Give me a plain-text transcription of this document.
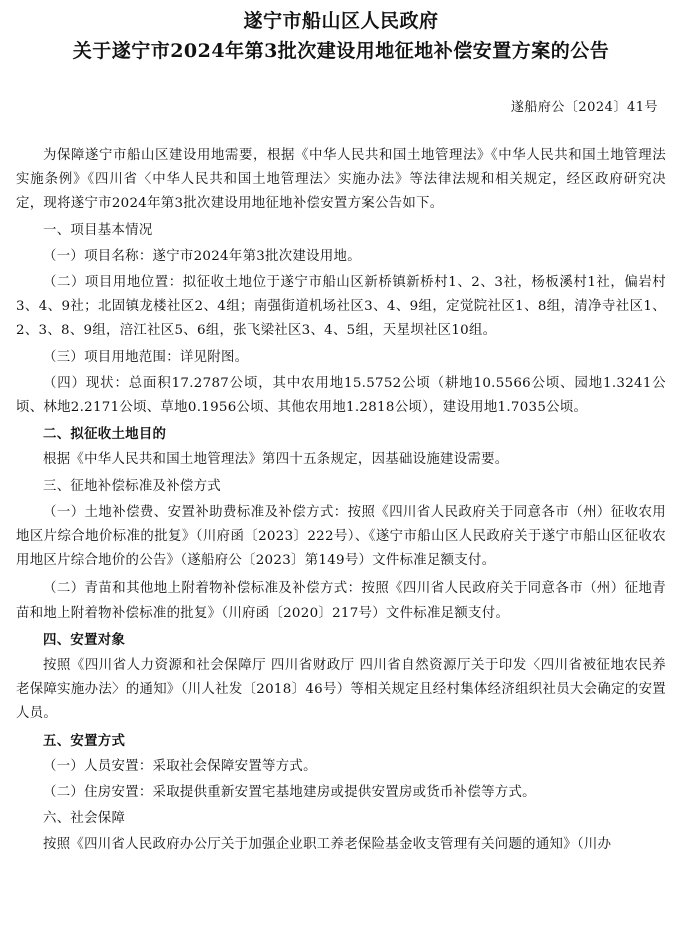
遂宁市船山区人民政府
关于遂宁市2024年第3批次建设用地征地补偿安置方案的公告
遂船府公〔2024〕41号

为保障遂宁市船山区建设用地需要，根据《中华人民共和国土地管理法》《中华人民共和国土地管理法实施条例》《四川省〈中华人民共和国土地管理法〉实施办法》等法律法规和相关规定，经区政府研究决定，现将遂宁市2024年第3批次建设用地征地补偿安置方案公告如下。

一、项目基本情况

（一）项目名称：遂宁市2024年第3批次建设用地。

（二）项目用地位置：拟征收土地位于遂宁市船山区新桥镇新桥村1、2、3社，杨板溪村1社，偏岩村3、4、9社；北固镇龙楼社区2、4组；南强街道机场社区3、4、9组，定觉院社区1、8组，清净寺社区1、2、3、8、9组，涪江社区5、6组，张飞梁社区3、4、5组，天星坝社区10组。

（三）项目用地范围：详见附图。

（四）现状：总面积17.2787公顷，其中农用地15.5752公顷（耕地10.5566公顷、园地1.3241公顷、林地2.2171公顷、草地0.1956公顷、其他农用地1.2818公顷），建设用地1.7035公顷。

二、拟征收土地目的

根据《中华人民共和国土地管理法》第四十五条规定，因基础设施建设需要。

三、征地补偿标准及补偿方式

（一）土地补偿费、安置补助费标准及补偿方式：按照《四川省人民政府关于同意各市（州）征收农用地区片综合地价标准的批复》（川府函〔2023〕222号）、《遂宁市船山区人民政府关于遂宁市船山区征收农用地区片综合地价的公告》（遂船府公〔2023〕第149号）文件标准足额支付。

（二）青苗和其他地上附着物补偿标准及补偿方式：按照《四川省人民政府关于同意各市（州）征地青苗和地上附着物补偿标准的批复》（川府函〔2020〕217号）文件标准足额支付。

四、安置对象

按照《四川省人力资源和社会保障厅 四川省财政厅 四川省自然资源厅关于印发〈四川省被征地农民养老保障实施办法〉的通知》（川人社发〔2018〕46号）等相关规定且经村集体经济组织社员大会确定的安置人员。

五、安置方式

（一）人员安置：采取社会保障安置等方式。

（二）住房安置：采取提供重新安置宅基地建房或提供安置房或货币补偿等方式。

六、社会保障

按照《四川省人民政府办公厅关于加强企业职工养老保险基金收支管理有关问题的通知》（川办
